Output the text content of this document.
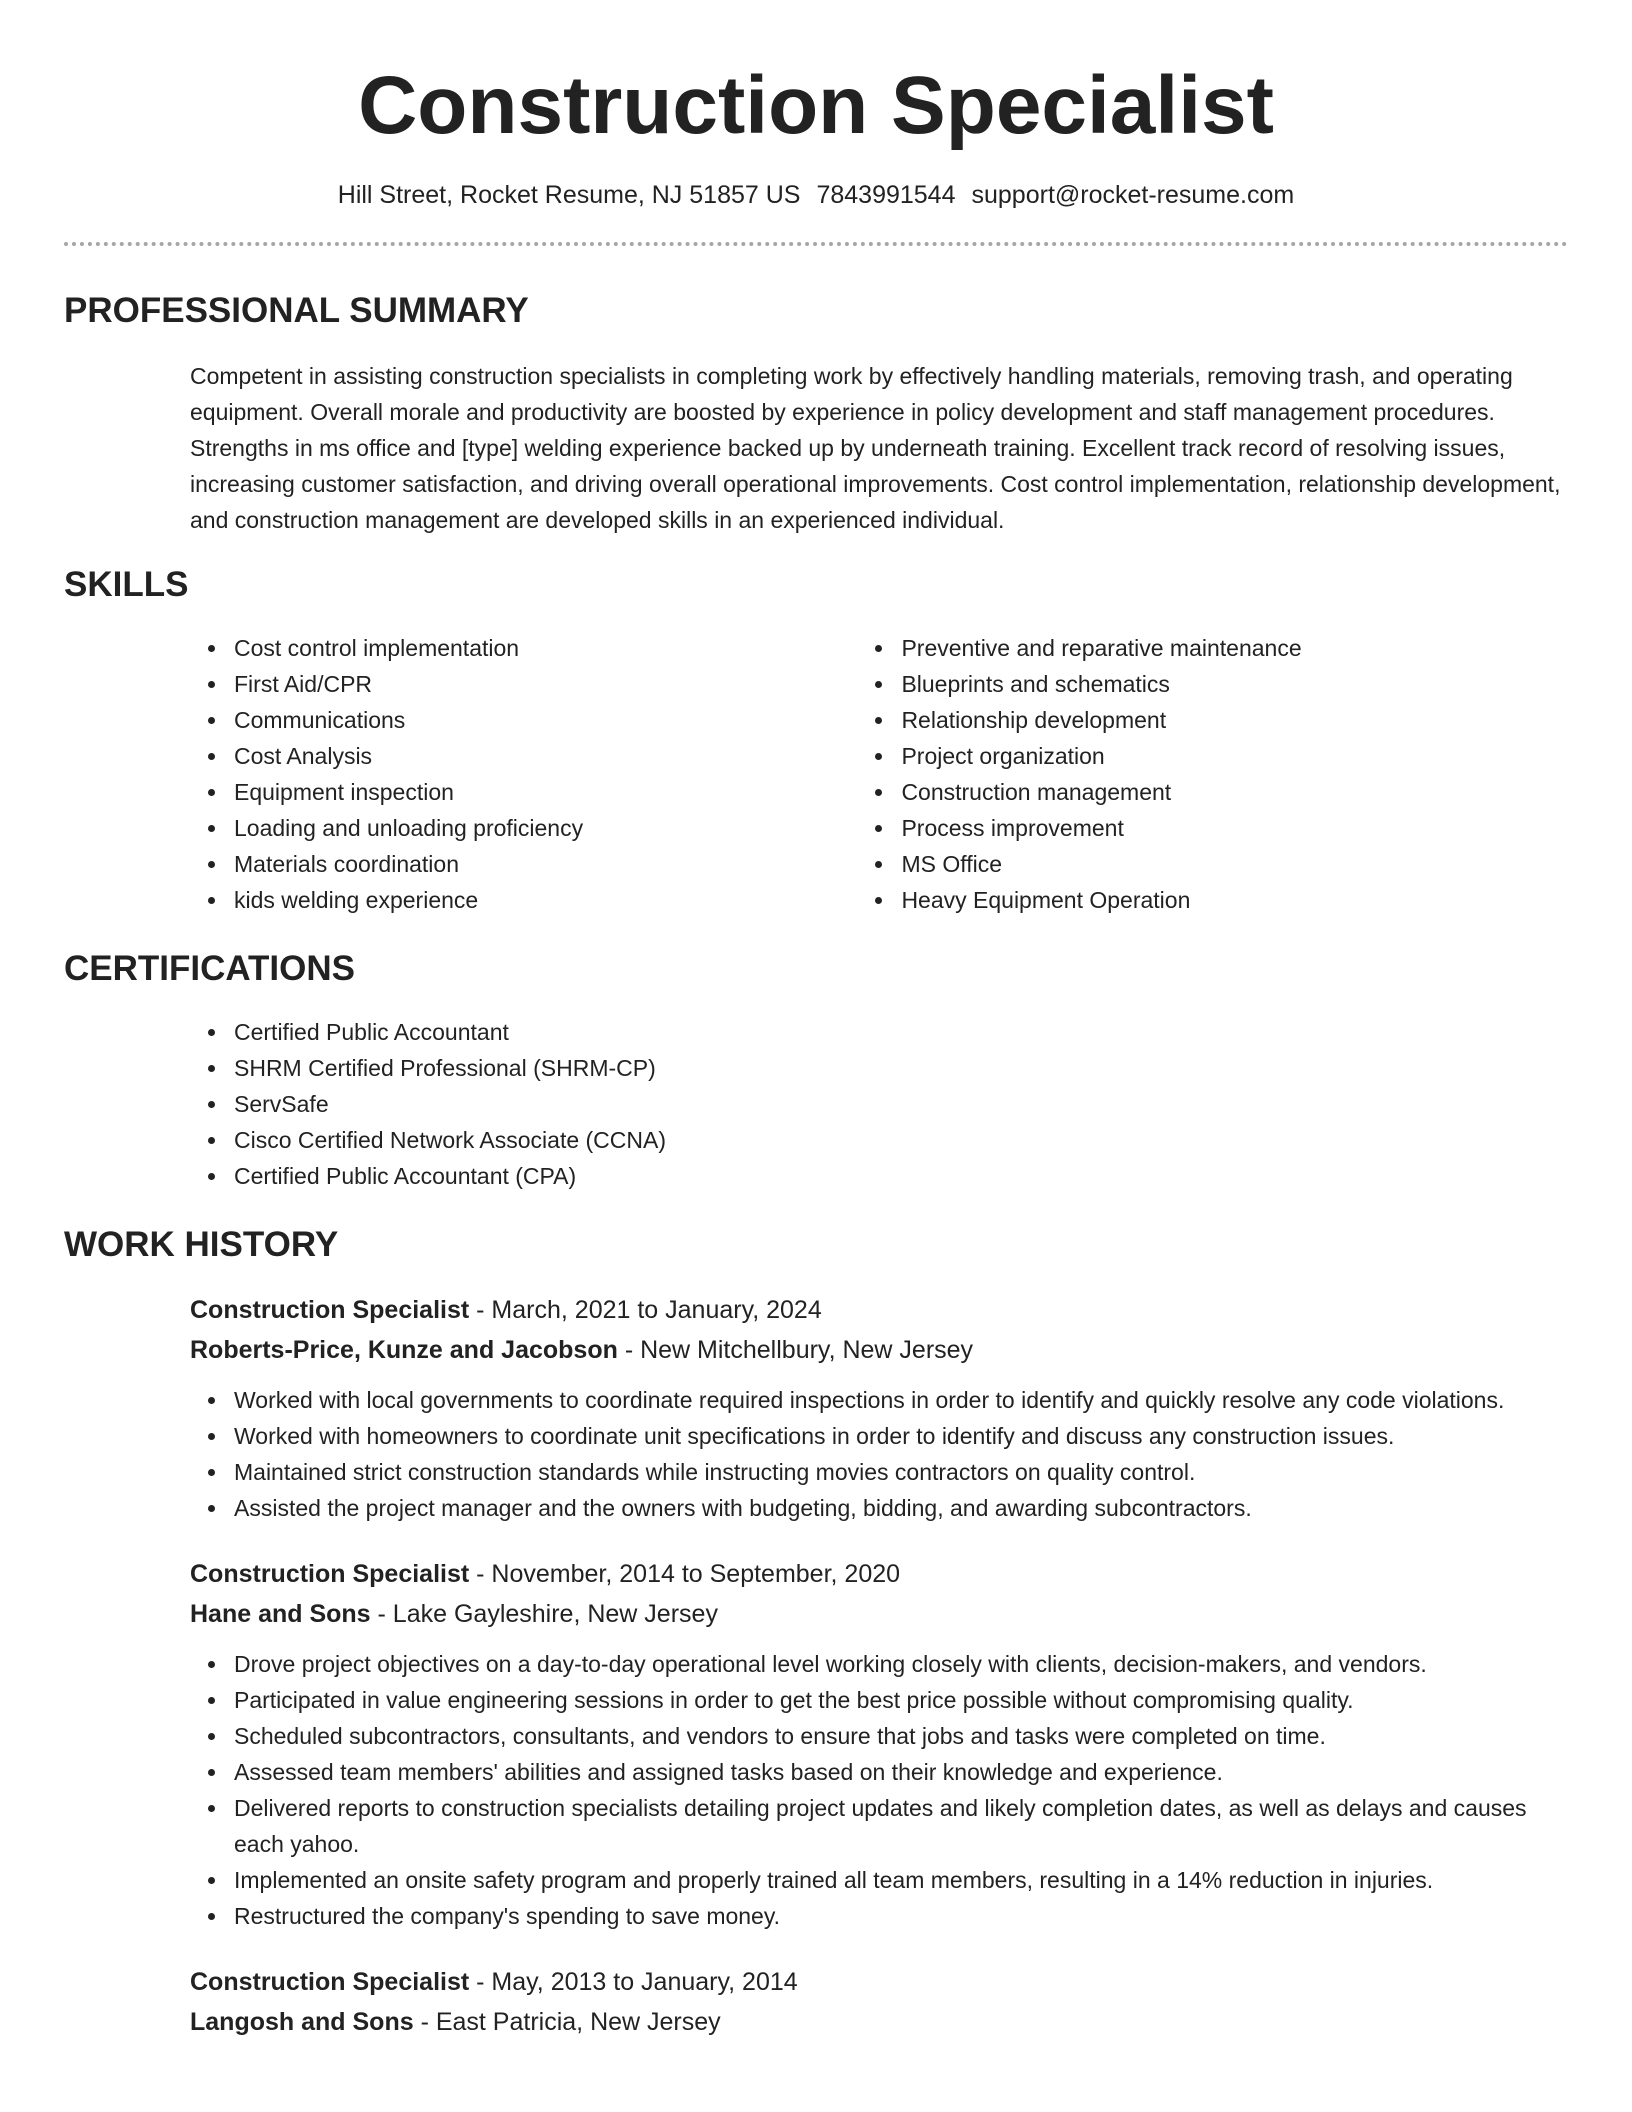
Construction Specialist
Hill Street, Rocket Resume, NJ 51857 US 7843991544 support@rocket-resume.com
PROFESSIONAL SUMMARY

Competent in assisting construction specialists in completing work by effectively handling materials, removing trash, and operating equipment. Overall morale and productivity are boosted by experience in policy development and staff management procedures. Strengths in ms office and [type] welding experience backed up by underneath training. Excellent track record of resolving issues, increasing customer satisfaction, and driving overall operational improvements. Cost control implementation, relationship development, and construction management are developed skills in an experienced individual.

SKILLS
Cost control implementation
First Aid/CPR
Communications
Cost Analysis
Equipment inspection
Loading and unloading proficiency
Materials coordination
kids welding experience
Preventive and reparative maintenance
Blueprints and schematics
Relationship development
Project organization
Construction management
Process improvement
MS Office
Heavy Equipment Operation
CERTIFICATIONS
Certified Public Accountant
SHRM Certified Professional (SHRM-CP)
ServSafe
Cisco Certified Network Associate (CCNA)
Certified Public Accountant (CPA)
WORK HISTORY
Construction Specialist - March, 2021 to January, 2024
Roberts-Price, Kunze and Jacobson - New Mitchellbury, New Jersey
Worked with local governments to coordinate required inspections in order to identify and quickly resolve any code violations.
Worked with homeowners to coordinate unit specifications in order to identify and discuss any construction issues.
Maintained strict construction standards while instructing movies contractors on quality control.
Assisted the project manager and the owners with budgeting, bidding, and awarding subcontractors.
Construction Specialist - November, 2014 to September, 2020
Hane and Sons - Lake Gayleshire, New Jersey
Drove project objectives on a day-to-day operational level working closely with clients, decision-makers, and vendors.
Participated in value engineering sessions in order to get the best price possible without compromising quality.
Scheduled subcontractors, consultants, and vendors to ensure that jobs and tasks were completed on time.
Assessed team members' abilities and assigned tasks based on their knowledge and experience.
Delivered reports to construction specialists detailing project updates and likely completion dates, as well as delays and causes each yahoo.
Implemented an onsite safety program and properly trained all team members, resulting in a 14% reduction in injuries.
Restructured the company's spending to save money.
Construction Specialist - May, 2013 to January, 2014
Langosh and Sons - East Patricia, New Jersey
